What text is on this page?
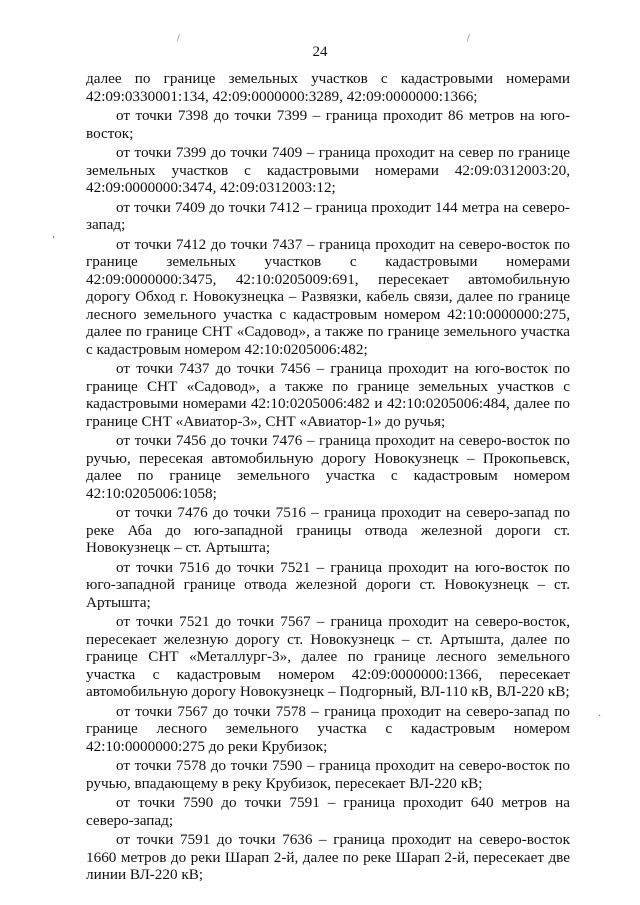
24
/	/
‚
·

далее по границе земельных участков с кадастровыми номерами 42:09:0330001:134, 42:09:0000000:3289, 42:09:0000000:1366;

от точки 7398 до точки 7399 – граница проходит 86 метров на юго-восток;

от точки 7399 до точки 7409 – граница проходит на север по границе земельных участков с кадастровыми номерами 42:09:0312003:20, 42:09:0000000:3474, 42:09:0312003:12;

от точки 7409 до точки 7412 – граница проходит 144 метра на северо-запад;

от точки 7412 до точки 7437 – граница проходит на северо-восток по границе земельных участков с кадастровыми номерами 42:09:0000000:3475, 42:10:0205009:691, пересекает автомобильную дорогу Обход г. Новокузнецка – Развязки, кабель связи, далее по границе лесного земельного участка с кадастровым номером 42:10:0000000:275, далее по границе СНТ «Садовод», а также по границе земельного участка с кадастровым номером 42:10:0205006:482;

от точки 7437 до точки 7456 – граница проходит на юго-восток по границе СНТ «Садовод», а также по границе земельных участков с кадастровыми номерами 42:10:0205006:482 и 42:10:0205006:484, далее по границе СНТ «Авиатор-3», СНТ «Авиатор-1» до ручья;

от точки 7456 до точки 7476 – граница проходит на северо-восток по ручью, пересекая автомобильную дорогу Новокузнецк – Прокопьевск, далее по границе земельного участка с кадастровым номером 42:10:0205006:1058;

от точки 7476 до точки 7516 – граница проходит на северо-запад по реке Аба до юго-западной границы отвода железной дороги ст. Новокузнецк – ст. Артышта;

от точки 7516 до точки 7521 – граница проходит на юго-восток по юго-западной границе отвода железной дороги ст. Новокузнецк – ст. Артышта;

от точки 7521 до точки 7567 – граница проходит на северо-восток, пересекает железную дорогу ст. Новокузнецк – ст. Артышта, далее по границе СНТ «Металлург-3», далее по границе лесного земельного участка с кадастровым номером 42:09:0000000:1366, пересекает автомобильную дорогу Новокузнецк – Подгорный, ВЛ-110 кВ, ВЛ-220 кВ;

от точки 7567 до точки 7578 – граница проходит на северо-запад по границе лесного земельного участка с кадастровым номером 42:10:0000000:275 до реки Крубизок;

от точки 7578 до точки 7590 – граница проходит на северо-восток по ручью, впадающему в реку Крубизок, пересекает ВЛ-220 кВ;

от точки 7590 до точки 7591 – граница проходит 640 метров на северо-запад;

от точки 7591 до точки 7636 – граница проходит на северо-восток 1660 метров до реки Шарап 2-й, далее по реке Шарап 2-й, пересекает две линии ВЛ-220 кВ;
